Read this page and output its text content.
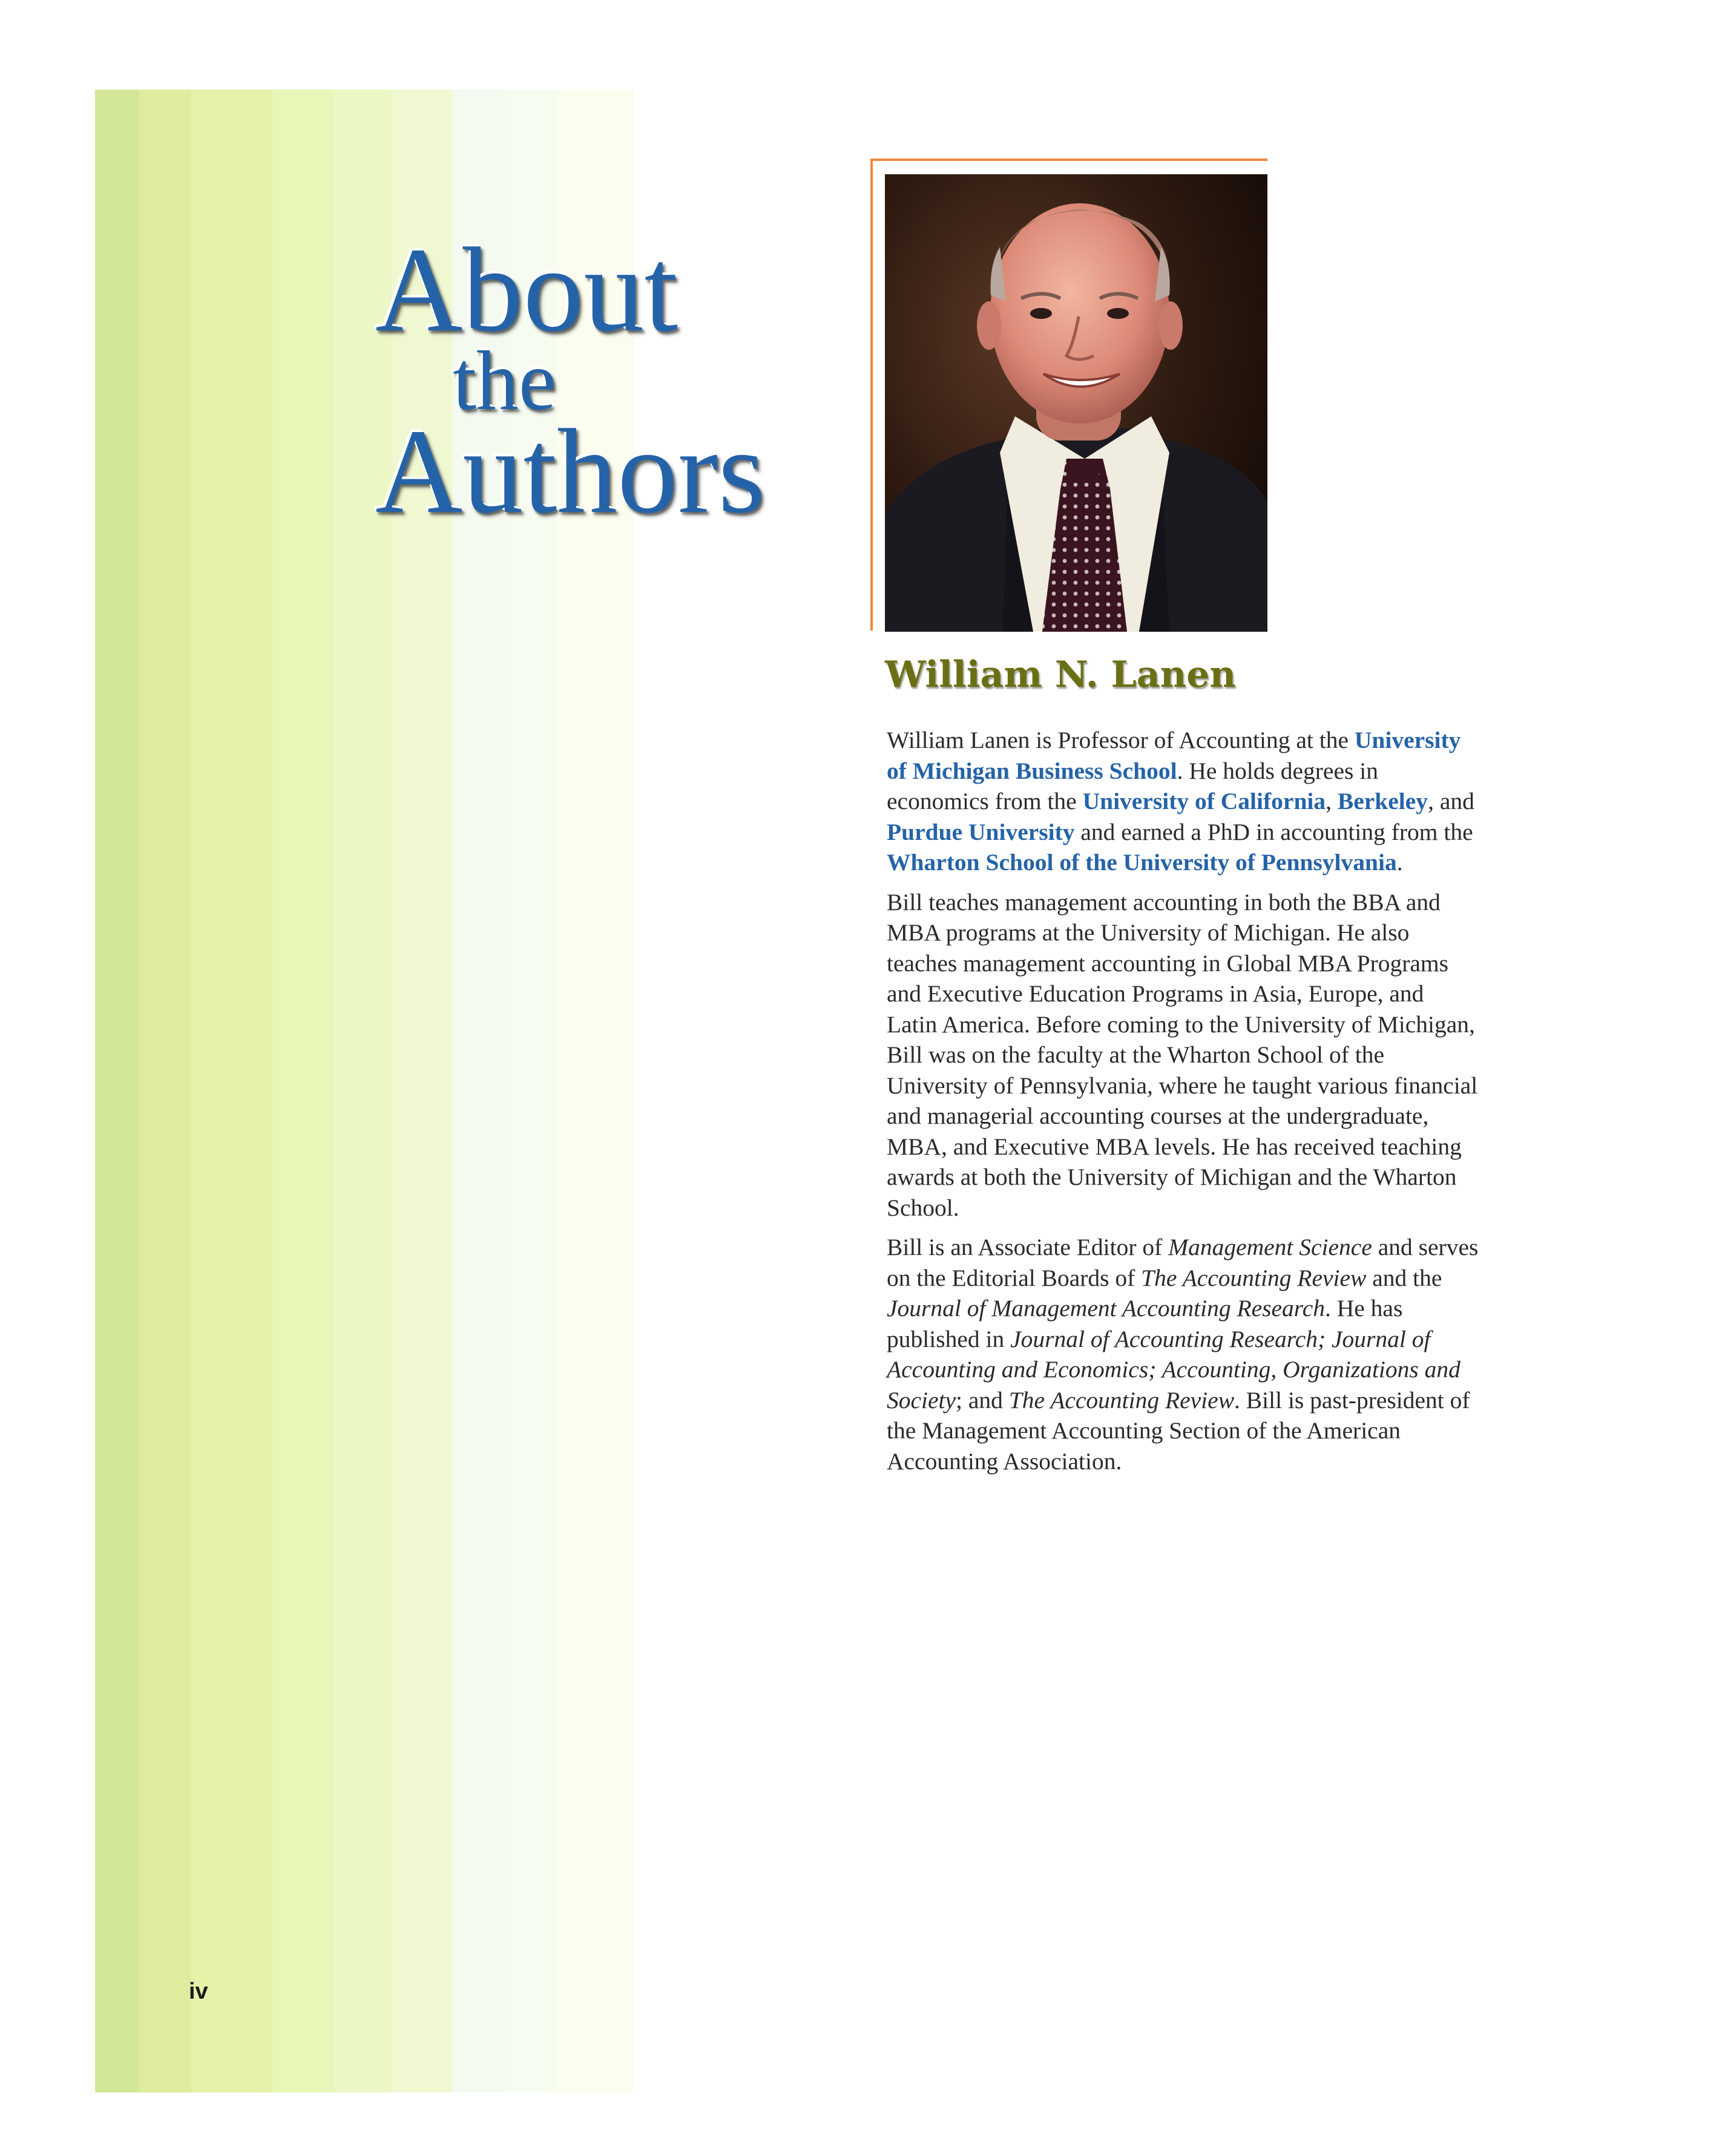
About
the
Authors
William N. Lanen

William Lanen is Professor of Accounting at the University of Michigan Business School. He holds degrees in economics from the University of California, Berkeley, and Purdue University and earned a PhD in accounting from the Wharton School of the University of Pennsylvania.

Bill teaches management accounting in both the BBA and MBA programs at the University of Michigan. He also teaches management accounting in Global MBA Programs and Executive Education Programs in Asia, Europe, and Latin America. Before coming to the University of Michigan, Bill was on the faculty at the Wharton School of the University of Pennsylvania, where he taught various financial and managerial accounting courses at the undergraduate, MBA, and Executive MBA levels. He has received teaching awards at both the University of Michigan and the Wharton School.

Bill is an Associate Editor of Management Science and serves on the Editorial Boards of The Accounting Review and the Journal of Management Accounting Research. He has published in Journal of Accounting Research; Journal of Accounting and Economics; Accounting, Organizations and Society; and The Accounting Review. Bill is past-president of the Management Accounting Section of the American Accounting Association.

iv
